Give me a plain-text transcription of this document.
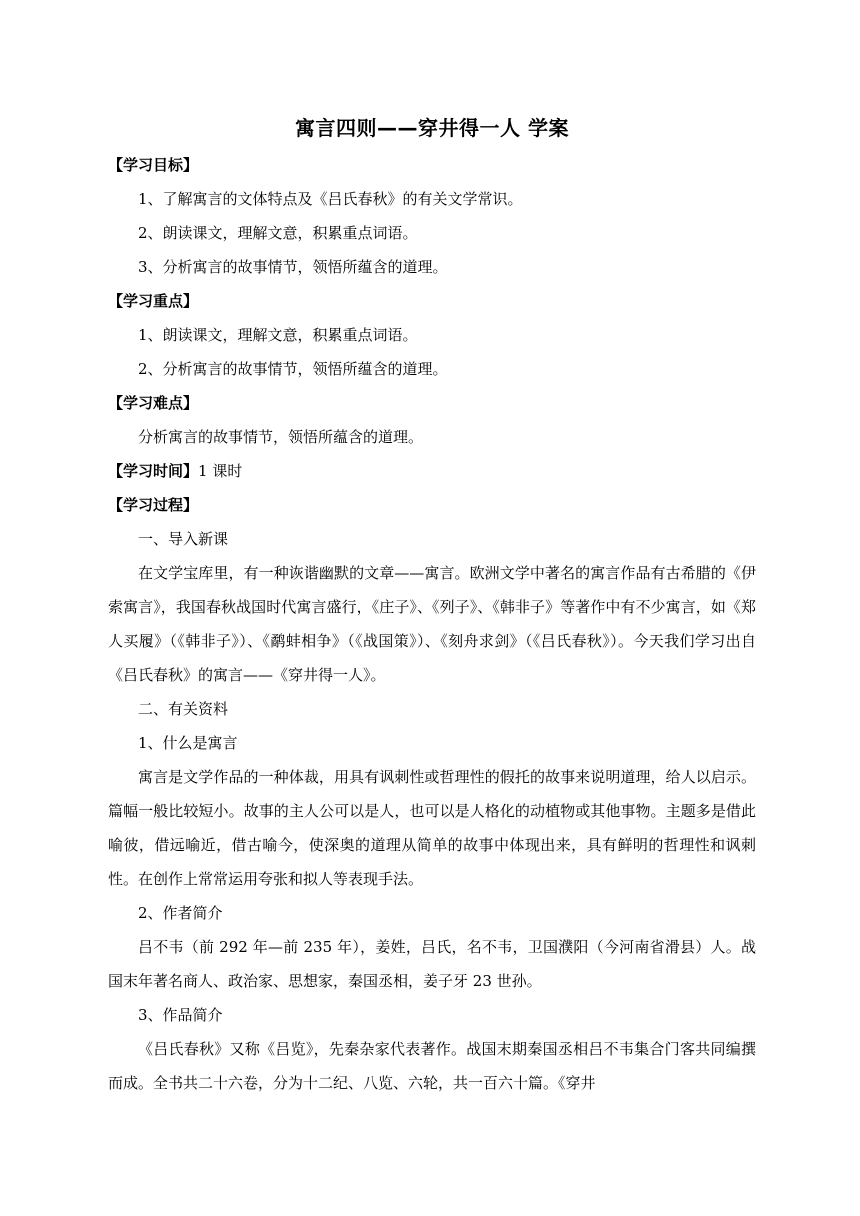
寓言四则——穿井得一人 学案
【学习目标】
1、了解寓言的文体特点及《吕氏春秋》的有关文学常识。
2、朗读课文，理解文意，积累重点词语。
3、分析寓言的故事情节，领悟所蕴含的道理。
【学习重点】
1、朗读课文，理解文意，积累重点词语。
2、分析寓言的故事情节，领悟所蕴含的道理。
【学习难点】
分析寓言的故事情节，领悟所蕴含的道理。
【学习时间】1 课时
【学习过程】
一、导入新课
在文学宝库里，有一种诙谐幽默的文章——寓言。欧洲文学中著名的寓言作品有古希腊的《伊索寓言》，我国春秋战国时代寓言盛行，《庄子》、《列子》、《韩非子》等著作中有不少寓言，如《郑人买履》（《韩非子》）、《鹬蚌相争》（《战国策》）、《刻舟求剑》（《吕氏春秋》）。今天我们学习出自《吕氏春秋》的寓言——《穿井得一人》。
二、有关资料
1、什么是寓言
寓言是文学作品的一种体裁，用具有讽刺性或哲理性的假托的故事来说明道理，给人以启示。篇幅一般比较短小。故事的主人公可以是人，也可以是人格化的动植物或其他事物。主题多是借此喻彼，借远喻近，借古喻今，使深奥的道理从简单的故事中体现出来，具有鲜明的哲理性和讽刺性。在创作上常常运用夸张和拟人等表现手法。
2、作者简介
吕不韦（前 292 年—前 235 年），姜姓，吕氏，名不韦，卫国濮阳（今河南省滑县）人。战国末年著名商人、政治家、思想家，秦国丞相，姜子牙 23 世孙。
3、作品简介
《吕氏春秋》又称《吕览》，先秦杂家代表著作。战国末期秦国丞相吕不韦集合门客共同编撰而成。全书共二十六卷，分为十二纪、八览、六轮，共一百六十篇。《穿井
